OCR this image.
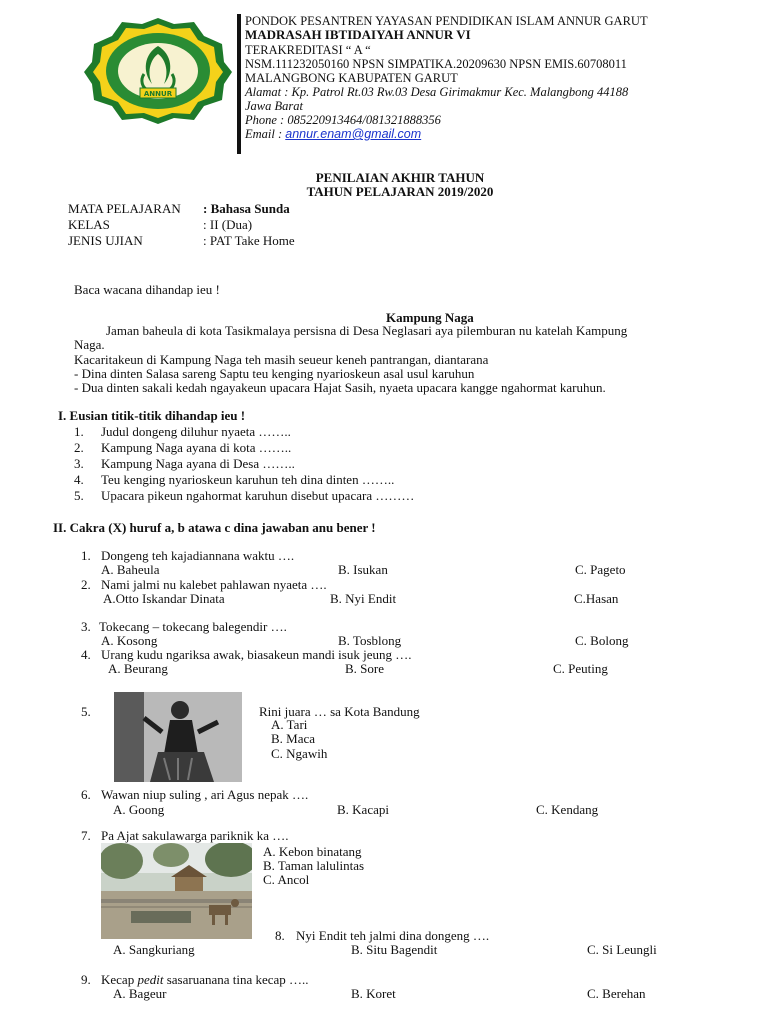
ANNUR
PONDOK PESANTREN YAYASAN PENDIDIKAN ISLAM ANNUR GARUT
MADRASAH IBTIDAIYAH ANNUR VI
TERAKREDITASI “ A “
NSM.111232050160 NPSN SIMPATIKA.20209630 NPSN EMIS.60708011
MALANGBONG KABUPATEN GARUT
Alamat : Kp. Patrol Rt.03 Rw.03 Desa Girimakmur Kec. Malangbong 44188
Jawa Barat
Phone : 085220913464/081321888356
Email : annur.enam@gmail.com
PENILAIAN AKHIR TAHUN
TAHUN PELAJARAN 2019/2020
MATA PELAJARAN : Bahasa Sunda
KELAS	: II (Dua)
JENIS UJIAN	: PAT Take Home
Baca wacana dihandap ieu !
Kampung Naga
Jaman baheula di kota Tasikmalaya persisna di Desa Neglasari aya pilemburan nu katelah Kampung
Naga.
Kacaritakeun di Kampung Naga teh masih seueur keneh pantrangan, diantarana
- Dina dinten Salasa sareng Saptu teu kenging nyarioskeun asal usul karuhun
- Dua dinten sakali kedah ngayakeun upacara Hajat Sasih, nyaeta upacara kangge ngahormat karuhun.
I. Eusian titik-titik dihandap ieu !
1. Judul dongeng diluhur nyaeta ……..
2. Kampung Naga ayana di kota ……..
3. Kampung Naga ayana di Desa ……..
4. Teu kenging nyarioskeun karuhun teh dina dinten ……..
5. Upacara pikeun ngahormat karuhun disebut upacara ………
II. Cakra (X) huruf a, b atawa c dina jawaban anu bener !
1. Dongeng teh kajadiannana waktu ….
A. Baheula	B. Isukan	C. Pageto
2. Nami jalmi nu kalebet pahlawan nyaeta ….
A.Otto Iskandar Dinata	B. Nyi Endit	C.Hasan
3. Tokecang – tokecang balegendir ….
A. Kosong	B. Tosblong	C. Bolong
4. Urang kudu ngariksa awak, biasakeun mandi isuk jeung ….
A. Beurang	B. Sore	C. Peuting
5.	Rini juara … sa Kota Bandung
A. Tari
B. Maca
C. Ngawih
6. Wawan niup suling , ari Agus nepak ….
A. Goong	B. Kacapi	C. Kendang
7. Pa Ajat sakulawarga pariknik ka ….
A. Kebon binatang
B. Taman lalulintas
C. Ancol
8. Nyi Endit teh jalmi dina dongeng ….
A. Sangkuriang	B. Situ Bagendit	C. Si Leungli
9. Kecap pedit sasaruanana tina kecap …..
A. Bageur	B. Koret	C. Berehan
